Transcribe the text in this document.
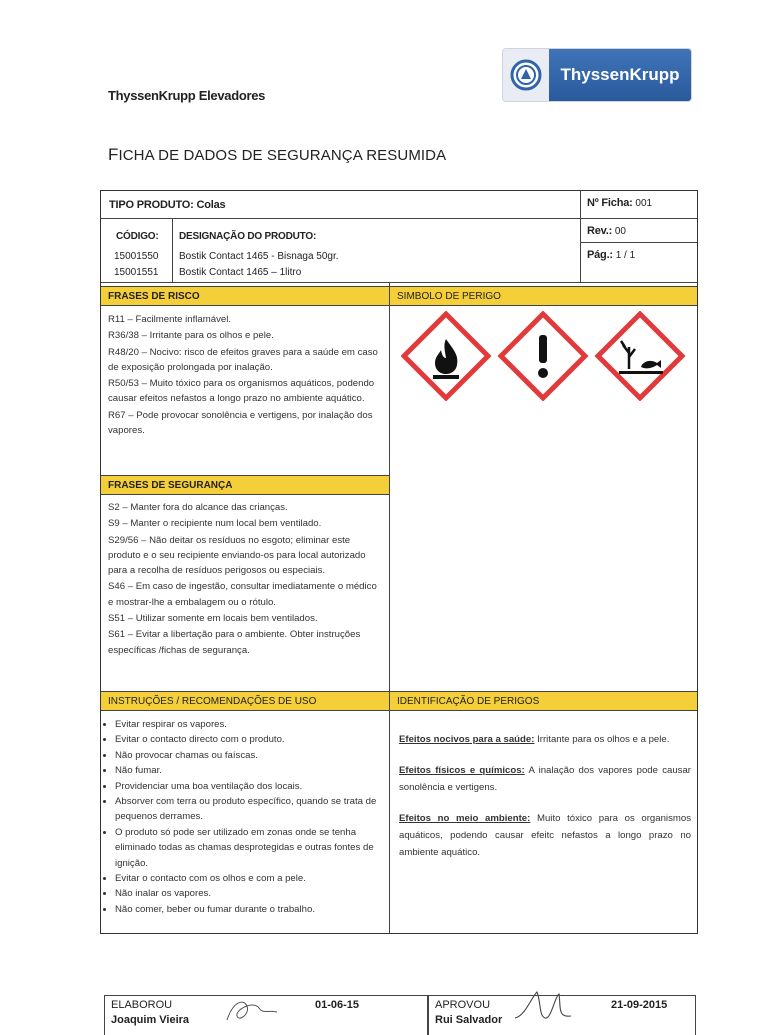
ThyssenKrupp Elevadores
ThyssenKrupp
FICHA DE DADOS DE SEGURANÇA RESUMIDA
TIPO PRODUTO: Colas	Nº Ficha: 001
CÓDIGO:
15001550
15001551
DESIGNAÇÃO DO PRODUTO:
Bostik Contact 1465 - Bisnaga 50gr.
Bostik Contact 1465 – 1litro
Rev.: 00
Pág.: 1 / 1
FRASES DE RISCO

R11 – Facilmente inflamável.

R36/38 – Irritante para os olhos e pele.

R48/20 – Nocivo: risco de efeitos graves para a saúde em caso de exposição prolongada por inalação.

R50/53 – Muito tóxico para os organismos aquáticos, podendo causar efeitos nefastos a longo prazo no ambiente aquático.

R67 – Pode provocar sonolência e vertigens, por inalação dos vapores.

SIMBOLO DE PERIGO
FRASES DE SEGURANÇA

S2 – Manter fora do alcance das crianças.

S9 – Manter o recipiente num local bem ventilado.

S29/56 – Não deitar os resíduos no esgoto; eliminar este produto e o seu recipiente enviando-os para local autorizado para a recolha de resíduos perigosos ou especiais.

S46 – Em caso de ingestão, consultar imediatamente o médico e mostrar-lhe a embalagem ou o rótulo.

S51 – Utilizar somente em locais bem ventilados.

S61 – Evitar a libertação para o ambiente. Obter instruções específicas /fichas de segurança.

INSTRUÇÕES / RECOMENDAÇÕES DE USO
• Evitar respirar os vapores.
• Evitar o contacto directo com o produto.
• Não provocar chamas ou faíscas.
• Não fumar.
• Providenciar uma boa ventilação dos locais.
• Absorver com terra ou produto específico, quando se trata de pequenos derrames.
• O produto só pode ser utilizado em zonas onde se tenha eliminado todas as chamas desprotegidas e outras fontes de ignição.
• Evitar o contacto com os olhos e com a pele.
• Não inalar os vapores.
• Não comer, beber ou fumar durante o trabalho.
IDENTIFICAÇÃO DE PERIGOS

Efeitos nocivos para a saúde: Irritante para os olhos e a pele.

Efeitos físicos e químicos: A inalação dos vapores pode causar sonolência e vertigens.

Efeitos no meio ambiente: Muito tóxico para os organismos aquáticos, podendo causar efeitc nefastos a longo prazo no ambiente aquático.

ELABOROU
Joaquim Vieira
01-06-15	APROVOU
Rui Salvador
21-09-2015
